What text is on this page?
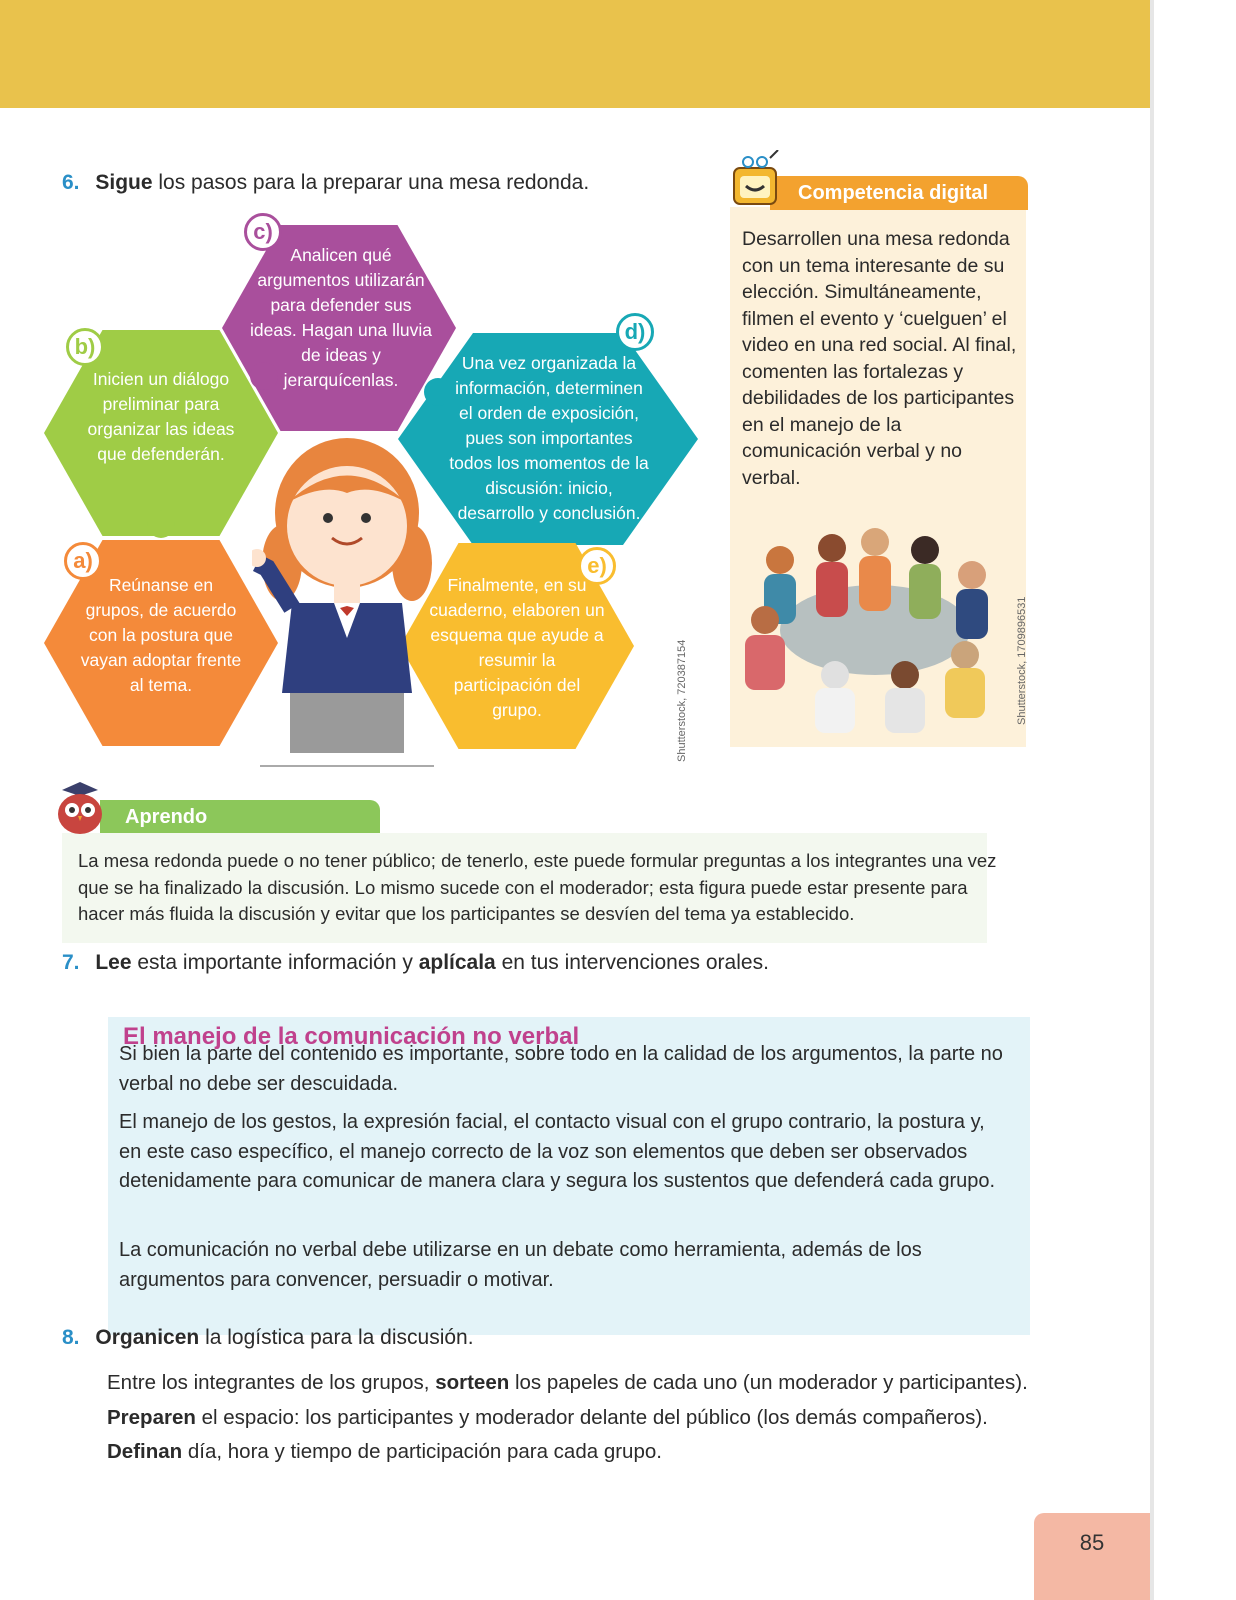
6. Sigue los pasos para la preparar una mesa redonda.
b)
Inicien un diálogo preliminar para organizar las ideas que defenderán.
c)
Analicen qué argumentos utilizarán para defender sus ideas. Hagan una lluvia de ideas y jerarquícenlas.
d)
Una vez organizada la información, determinen el orden de exposición, pues son importantes todos los momentos de la discusión: inicio, desarrollo y conclusión.
a)
Reúnanse en grupos, de acuerdo con la postura que vayan adoptar frente al tema.
e)
Finalmente, en su cuaderno, elaboren un esquema que ayude a resumir la participación del grupo.	Shutterstock, 720387154
Competencia digital
Desarrollen una mesa redonda con un tema interesante de su elección. Simultáneamente, filmen el evento y ‘cuelguen’ el video en una red social. Al final, comenten las fortalezas y debilidades de los participantes en el manejo de la comunicación verbal y no verbal.
Shutterstock, 1709896531
Aprendo
La mesa redonda puede o no tener público; de tenerlo, este puede formular preguntas a los integrantes una vez que se ha finalizado la discusión. Lo mismo sucede con el moderador; esta figura puede estar presente para hacer más fluida la discusión y evitar que los participantes se desvíen del tema ya establecido.
7. Lee esta importante información y aplícala en tus intervenciones orales.
El manejo de la comunicación no verbal
Si bien la parte del contenido es importante, sobre todo en la calidad de los argumentos, la parte no verbal no debe ser descuidada.
El manejo de los gestos, la expresión facial, el contacto visual con el grupo contrario, la postura y, en este caso específico, el manejo correcto de la voz son elementos que deben ser observados detenidamente para comunicar de manera clara y segura los sustentos que defenderá cada grupo.
La comunicación no verbal debe utilizarse en un debate como herramienta, además de los argumentos para convencer, persuadir o motivar.
8. Organicen la logística para la discusión.
Entre los integrantes de los grupos, sorteen los papeles de cada uno (un moderador y participantes).
Preparen el espacio: los participantes y moderador delante del público (los demás compañeros).
Definan día, hora y tiempo de participación para cada grupo.
85
